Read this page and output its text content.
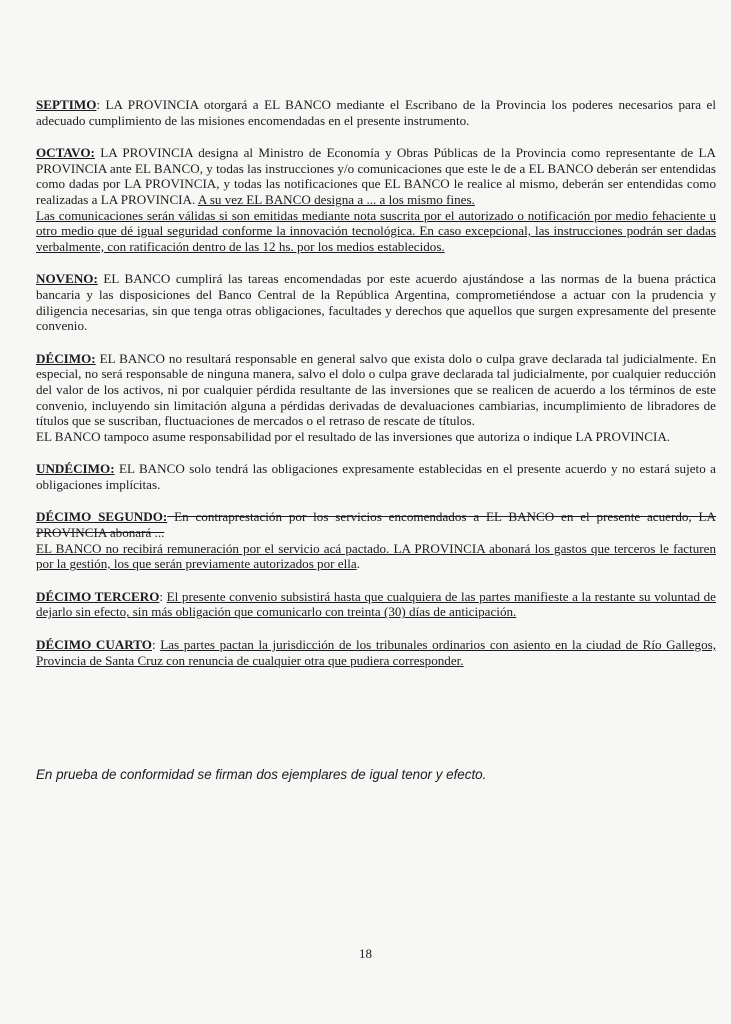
SEPTIMO: LA PROVINCIA otorgará a EL BANCO mediante el Escribano de la Provincia los poderes necesarios para el adecuado cumplimiento de las misiones encomendadas en el presente instrumento.

OCTAVO: LA PROVINCIA designa al Ministro de Economía y Obras Públicas de la Provincia como representante de LA PROVINCIA ante EL BANCO, y todas las instrucciones y/o comunicaciones que este le de a EL BANCO deberán ser entendidas como dadas por LA PROVINCIA, y todas las notificaciones que EL BANCO le realice al mismo, deberán ser entendidas como realizadas a LA PROVINCIA. A su vez EL BANCO designa a ... a los mismo fines.

Las comunicaciones serán válidas si son emitidas mediante nota suscrita por el autorizado o notificación por medio fehaciente u otro medio que dé igual seguridad conforme la innovación tecnológica. En caso excepcional, las instrucciones podrán ser dadas verbalmente, con ratificación dentro de las 12 hs. por los medios establecidos.

NOVENO: EL BANCO cumplirá las tareas encomendadas por este acuerdo ajustándose a las normas de la buena práctica bancaria y las disposiciones del Banco Central de la República Argentina, comprometiéndose a actuar con la prudencia y diligencia necesarias, sin que tenga otras obligaciones, facultades y derechos que aquellos que surgen expresamente del presente convenio.

DÉCIMO: EL BANCO no resultará responsable en general salvo que exista dolo o culpa grave declarada tal judicialmente. En especial, no será responsable de ninguna manera, salvo el dolo o culpa grave declarada tal judicialmente, por cualquier reducción del valor de los activos, ni por cualquier pérdida resultante de las inversiones que se realicen de acuerdo a los términos de este convenio, incluyendo sin limitación alguna a pérdidas derivadas de devaluaciones cambiarias, incumplimiento de libradores de títulos que se suscriban, fluctuaciones de mercados o el retraso de rescate de títulos.

EL BANCO tampoco asume responsabilidad por el resultado de las inversiones que autoriza o indique LA PROVINCIA.

UNDÉCIMO: EL BANCO solo tendrá las obligaciones expresamente establecidas en el presente acuerdo y no estará sujeto a obligaciones implícitas.

DÉCIMO SEGUNDO: En contraprestación por los servicios encomendados a EL BANCO en el presente acuerdo, LA PROVINCIA abonará ...

EL BANCO no recibirá remuneración por el servicio acá pactado. LA PROVINCIA abonará los gastos que terceros le facturen por la gestión, los que serán previamente autorizados por ella.

DÉCIMO TERCERO: El presente convenio subsistirá hasta que cualquiera de las partes manifieste a la restante su voluntad de dejarlo sin efecto, sin más obligación que comunicarlo con treinta (30) días de anticipación.

DÉCIMO CUARTO: Las partes pactan la jurisdicción de los tribunales ordinarios con asiento en la ciudad de Río Gallegos, Provincia de Santa Cruz con renuncia de cualquier otra que pudiera corresponder.

En prueba de conformidad se firman dos ejemplares de igual tenor y efecto.

18
